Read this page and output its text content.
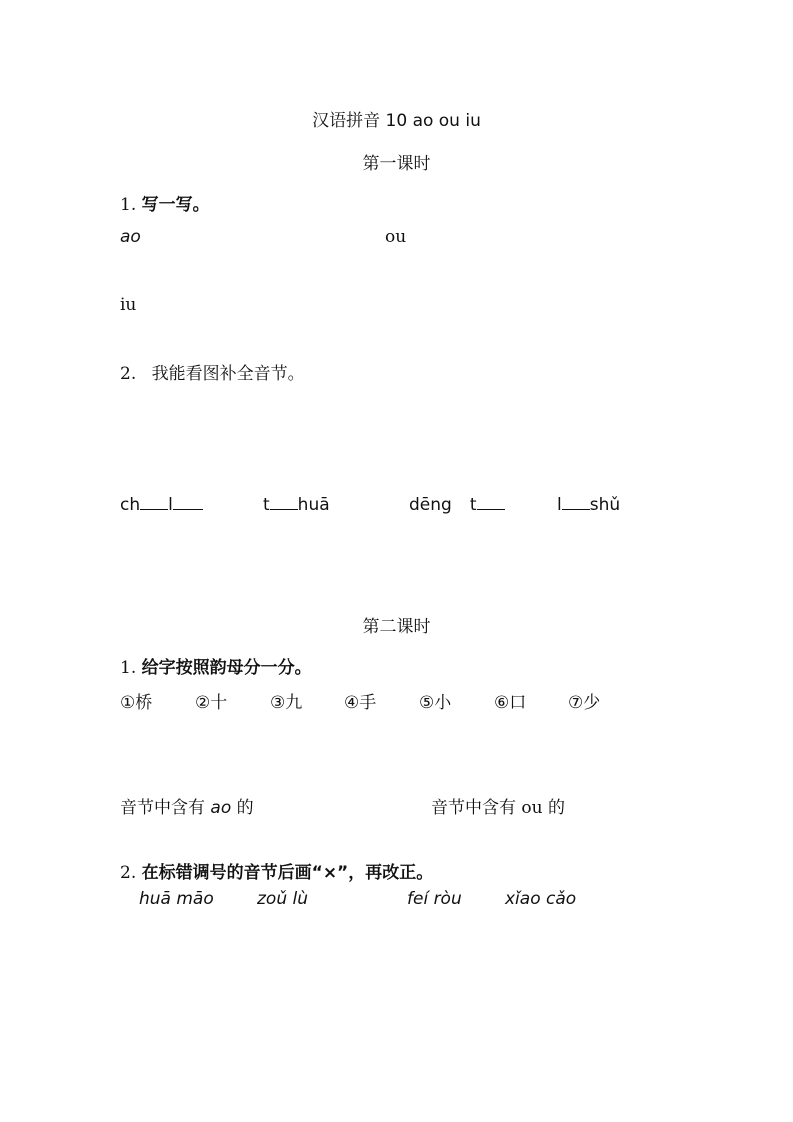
汉语拼音 10 ao ou iu
第一课时
1. 写一写。
ao	ou
iu
2. 我能看图补全音节。
ch l	t huā	dēng t	l shǔ
第二课时
1. 给字按照韵母分一分。
①桥	②十	③九 ④手	⑤小	⑥口 ⑦少
音节中含有 ao 的	音节中含有 ou 的
2. 在标错调号的音节后画“×”，再改正。
huā māo	zoǔ lù	feí ròu	xǐao cǎo
